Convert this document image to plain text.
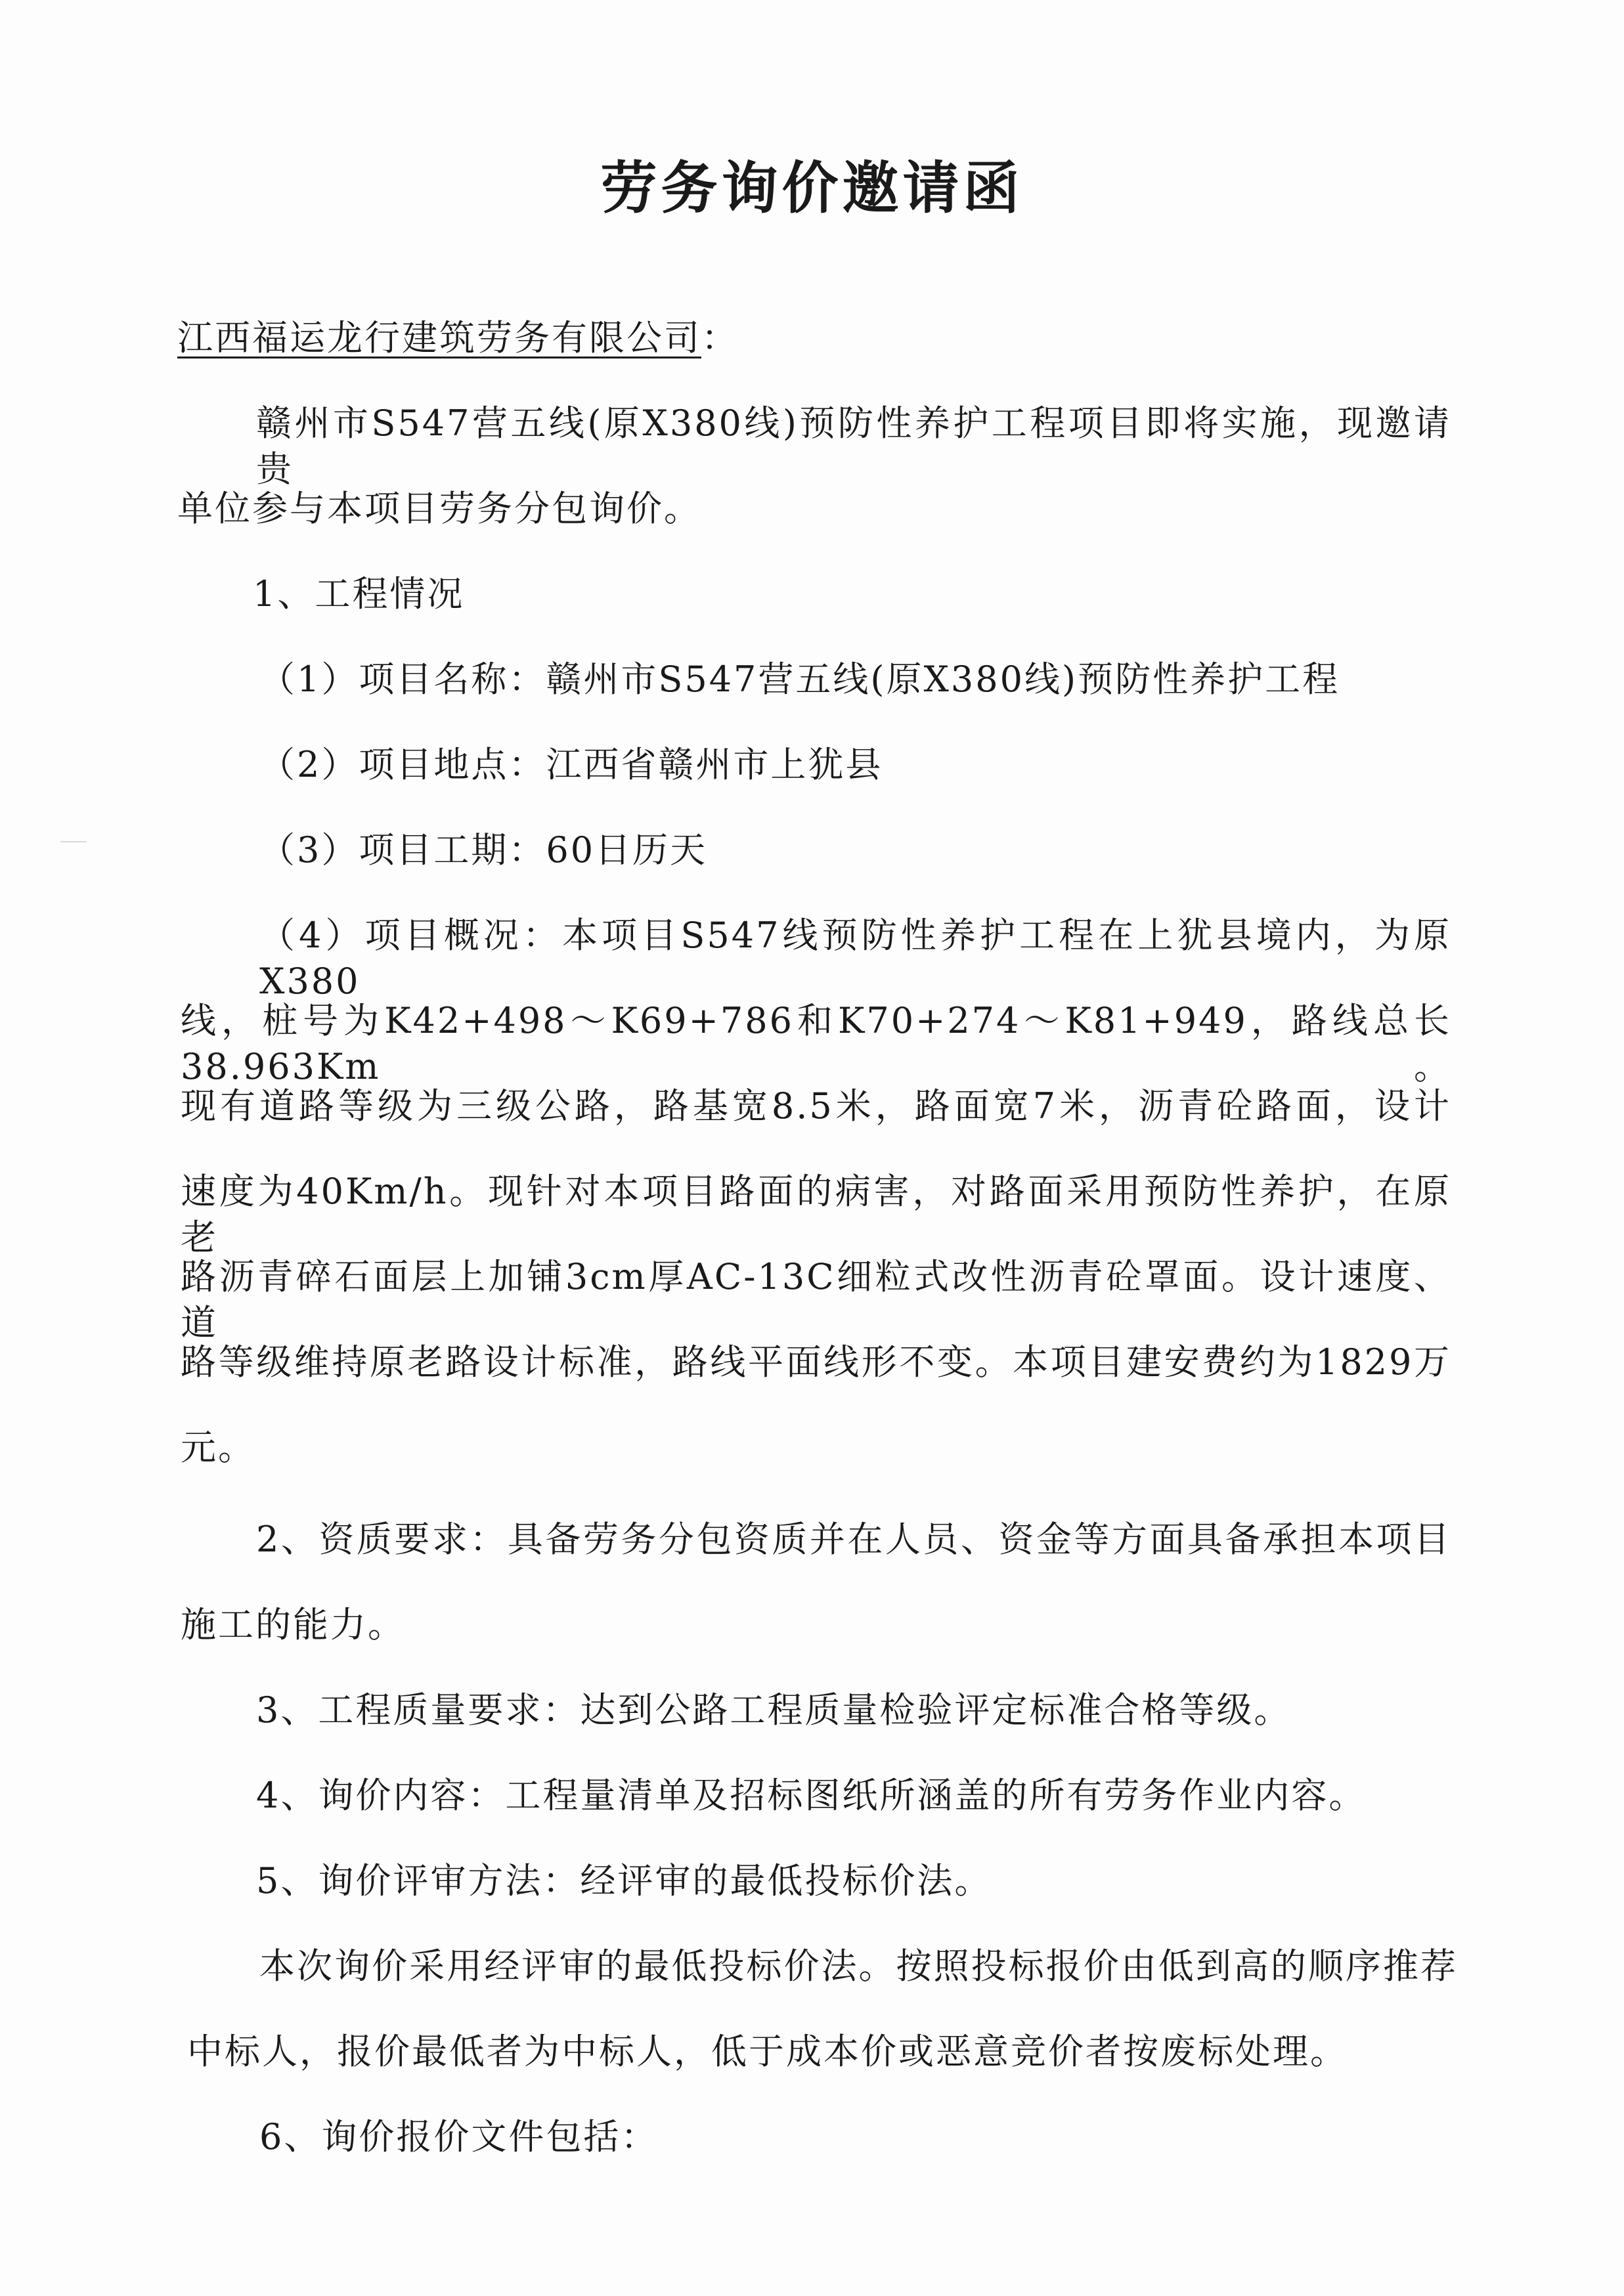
劳务询价邀请函
江西福运龙行建筑劳务有限公司：
赣州市S547营五线(原X380线)预防性养护工程项目即将实施，现邀请贵
单位参与本项目劳务分包询价。
1、工程情况
（1）项目名称：赣州市S547营五线(原X380线)预防性养护工程
（2）项目地点：江西省赣州市上犹县
（3）项目工期：60日历天
（4）项目概况：本项目S547线预防性养护工程在上犹县境内，为原X380
线，桩号为K42+498～K69+786和K70+274～K81+949，路线总长38.963Km。
现有道路等级为三级公路，路基宽8.5米，路面宽7米，沥青砼路面，设计
速度为40Km/h。现针对本项目路面的病害，对路面采用预防性养护，在原老
路沥青碎石面层上加铺3cm厚AC-13C细粒式改性沥青砼罩面。设计速度、道
路等级维持原老路设计标准，路线平面线形不变。本项目建安费约为1829万
元。
2、资质要求：具备劳务分包资质并在人员、资金等方面具备承担本项目
施工的能力。
3、工程质量要求：达到公路工程质量检验评定标准合格等级。
4、询价内容：工程量清单及招标图纸所涵盖的所有劳务作业内容。
5、询价评审方法：经评审的最低投标价法。
本次询价采用经评审的最低投标价法。按照投标报价由低到高的顺序推荐
中标人，报价最低者为中标人，低于成本价或恶意竞价者按废标处理。
6、询价报价文件包括：
